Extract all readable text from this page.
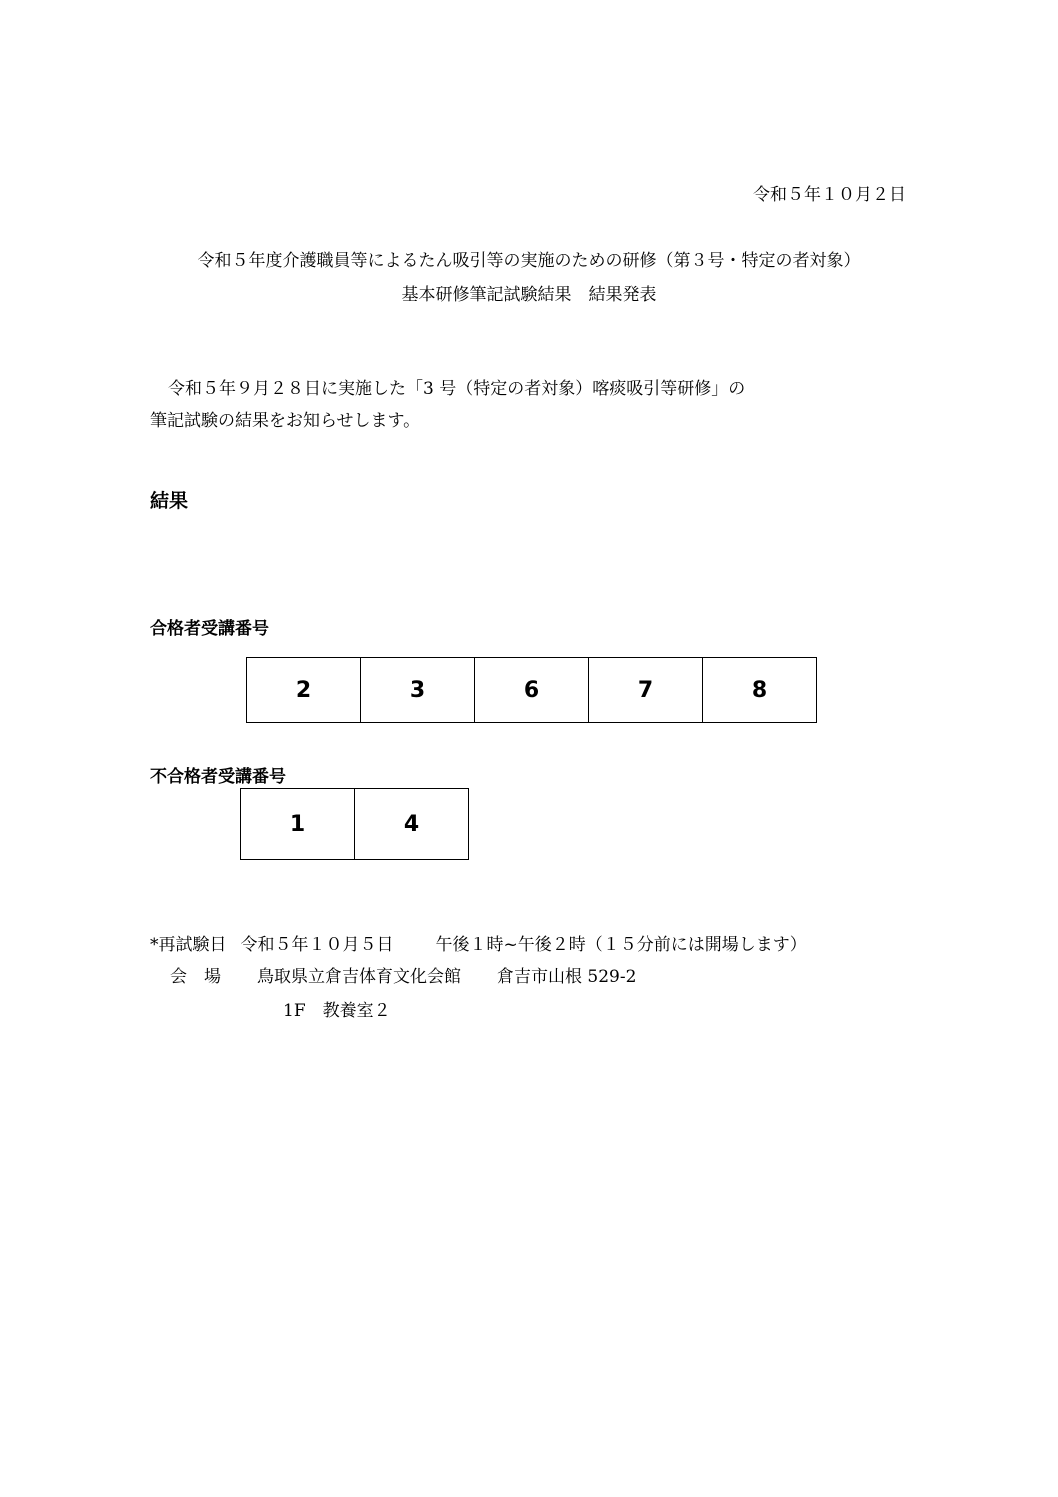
令和５年１０月２日
令和５年度介護職員等によるたん吸引等の実施のための研修（第３号・特定の者対象）
基本研修筆記試験結果　結果発表
令和５年９月２８日に実施した「3 号（特定の者対象）喀痰吸引等研修」の
筆記試験の結果をお知らせします。
結果
合格者受講番号
2	3	6	7	8
不合格者受講番号
1	4
*再試験日 令和５年１０月５日 午後１時~午後２時（１５分前には開場します）
会　場 鳥取県立倉吉体育文化会館 倉吉市山根 529-2
1F　教養室２
